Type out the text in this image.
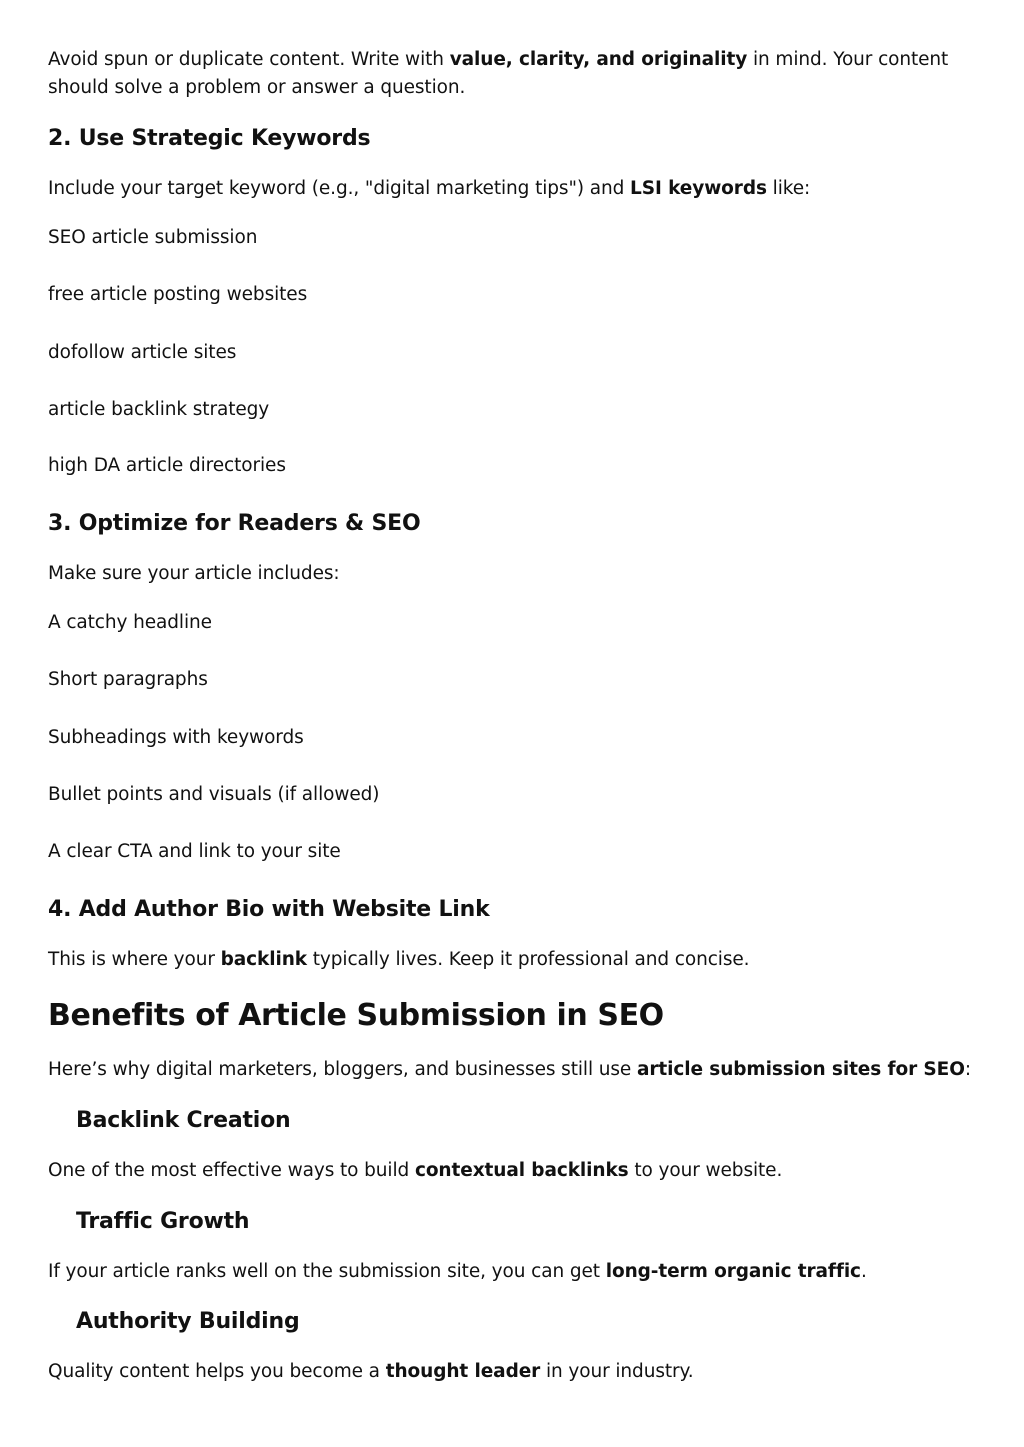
Avoid spun or duplicate content. Write with value, clarity, and originality in mind. Your content should solve a problem or answer a question.

2. Use Strategic Keywords

Include your target keyword (e.g., "digital marketing tips") and LSI keywords like:

SEO article submission

free article posting websites

dofollow article sites

article backlink strategy

high DA article directories

3. Optimize for Readers & SEO

Make sure your article includes:

A catchy headline

Short paragraphs

Subheadings with keywords

Bullet points and visuals (if allowed)

A clear CTA and link to your site

4. Add Author Bio with Website Link

This is where your backlink typically lives. Keep it professional and concise.

Benefits of Article Submission in SEO

Here’s why digital marketers, bloggers, and businesses still use article submission sites for SEO:

Backlink Creation

One of the most effective ways to build contextual backlinks to your website.

Traffic Growth

If your article ranks well on the submission site, you can get long-term organic traffic.

Authority Building

Quality content helps you become a thought leader in your industry.
